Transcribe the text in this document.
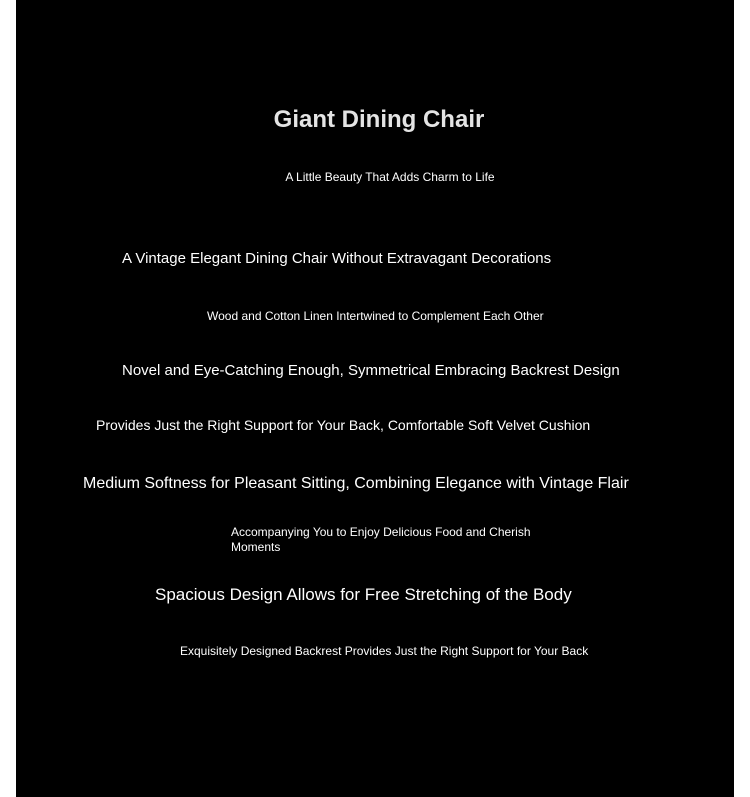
Giant Dining Chair
A Little Beauty That Adds Charm to Life
A Vintage Elegant Dining Chair Without Extravagant Decorations
Wood and Cotton Linen Intertwined to Complement Each Other
Novel and Eye-Catching Enough, Symmetrical Embracing Backrest Design
Provides Just the Right Support for Your Back, Comfortable Soft Velvet Cushion
Medium Softness for Pleasant Sitting, Combining Elegance with Vintage Flair
Accompanying You to Enjoy Delicious Food and Cherish Moments
Spacious Design Allows for Free Stretching of the Body
Exquisitely Designed Backrest Provides Just the Right Support for Your Back
